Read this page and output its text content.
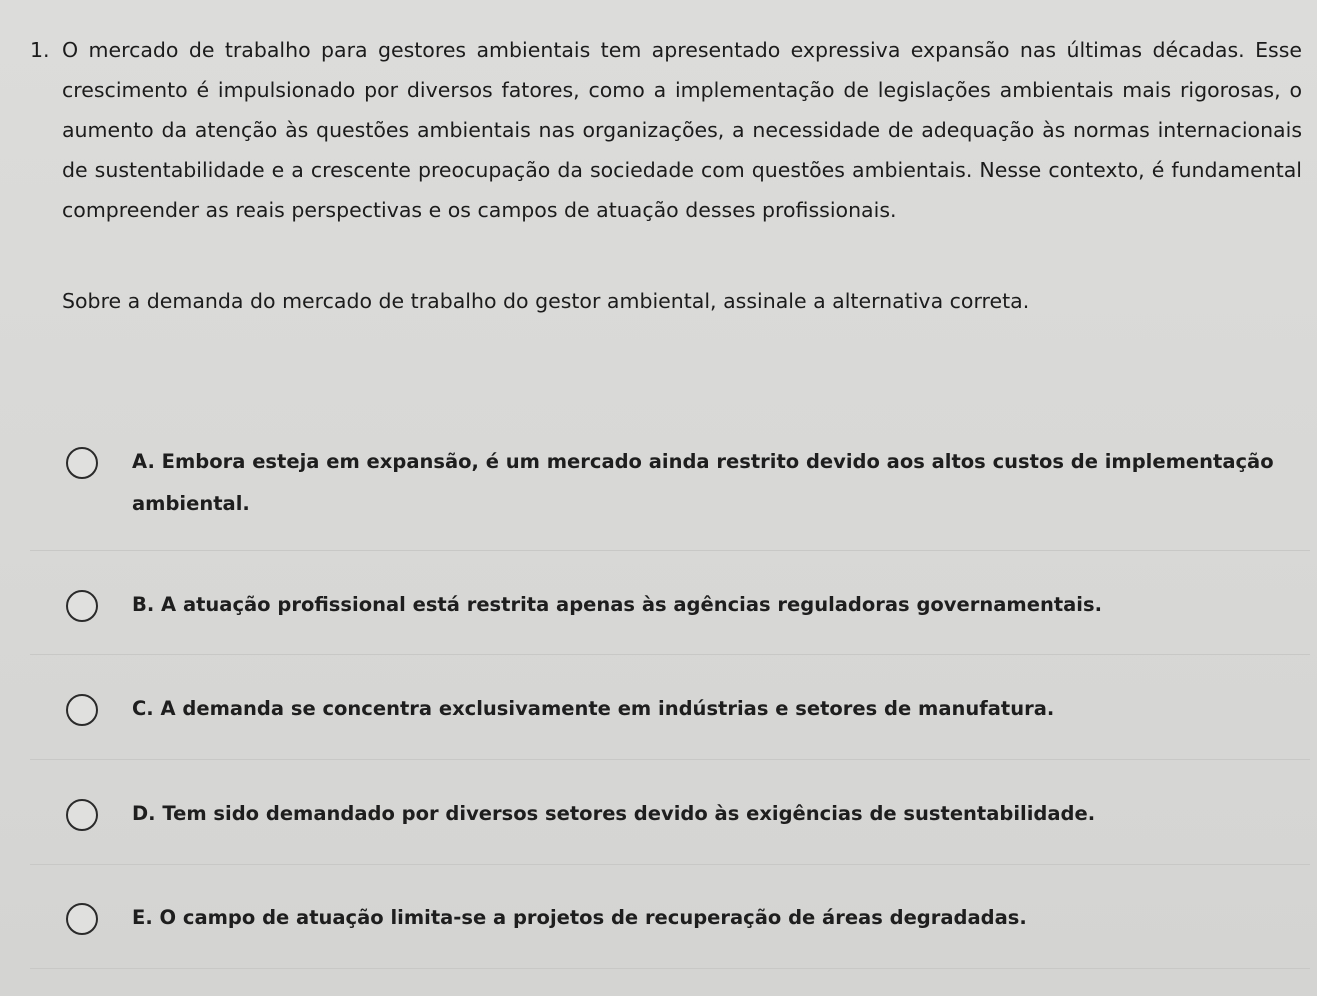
1. O mercado de trabalho para gestores ambientais tem apresentado expressiva expansão nas últimas décadas. Esse crescimento é impulsionado por diversos fatores, como a implementação de legislações ambientais mais rigorosas, o aumento da atenção às questões ambientais nas organizações, a necessidade de adequação às normas internacionais de sustentabilidade e a crescente preocupação da sociedade com questões ambientais. Nesse contexto, é fundamental compreender as reais perspectivas e os campos de atuação desses profissionais.
Sobre a demanda do mercado de trabalho do gestor ambiental, assinale a alternativa correta.
A. Embora esteja em expansão, é um mercado ainda restrito devido aos altos custos de implementação ambiental.
B. A atuação profissional está restrita apenas às agências reguladoras governamentais.
C. A demanda se concentra exclusivamente em indústrias e setores de manufatura.
D. Tem sido demandado por diversos setores devido às exigências de sustentabilidade.
E. O campo de atuação limita-se a projetos de recuperação de áreas degradadas.
